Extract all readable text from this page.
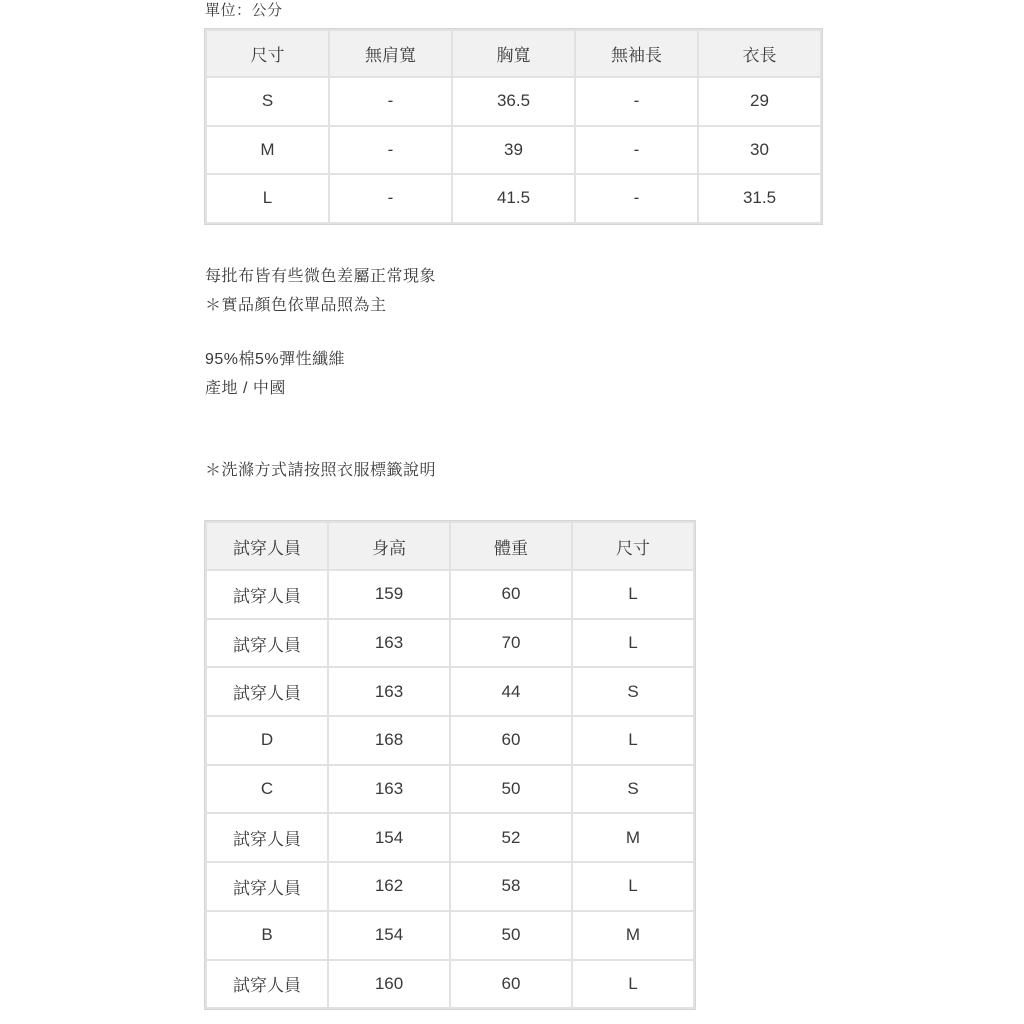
單位：公分
尺寸	無肩寬	胸寬	無袖長	衣長
S	-	36.5	-	29
M	-	39	-	30
L	-	41.5	-	31.5

每批布皆有些微色差屬正常現象

＊實品顏色依單品照為主

95%棉5%彈性纖維

產地 / 中國

＊洗滌方式請按照衣服標籤說明

試穿人員	身高	體重	尺寸
試穿人員	159	60	L
試穿人員	163	70	L
試穿人員	163	44	S
D	168	60	L
C	163	50	S
試穿人員	154	52	M
試穿人員	162	58	L
B	154	50	M
試穿人員	160	60	L
